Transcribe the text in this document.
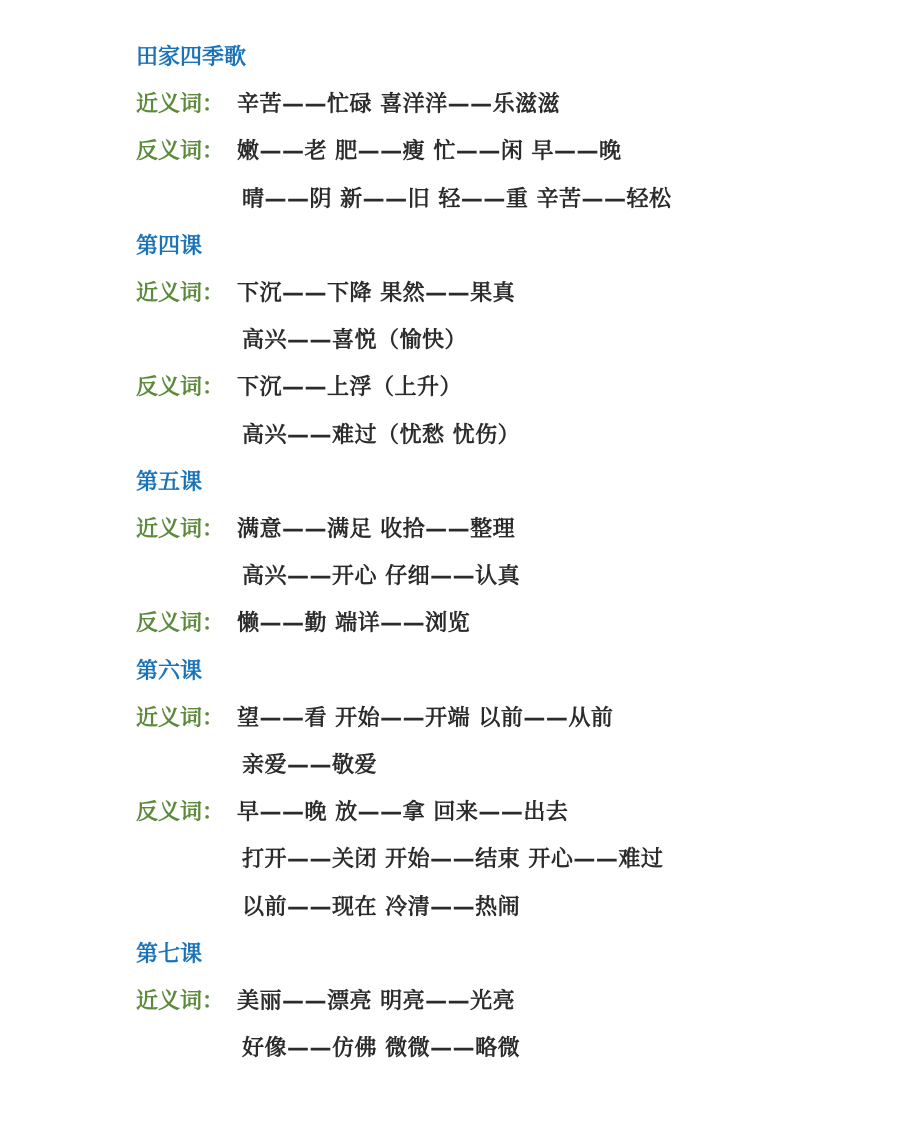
田家四季歌
近义词： 辛苦——忙碌 喜洋洋——乐滋滋
反义词： 嫩——老 肥——瘦 忙——闲 早——晚
晴——阴 新——旧 轻——重 辛苦——轻松
第四课
近义词： 下沉——下降 果然——果真
高兴——喜悦（愉快）
反义词： 下沉——上浮（上升）
高兴——难过（忧愁 忧伤）
第五课
近义词： 满意——满足 收拾——整理
高兴——开心 仔细——认真
反义词： 懒——勤 端详——浏览
第六课
近义词： 望——看 开始——开端 以前——从前
亲爱——敬爱
反义词： 早——晚 放——拿 回来——出去
打开——关闭 开始——结束 开心——难过
以前——现在 冷清——热闹
第七课
近义词： 美丽——漂亮 明亮——光亮
好像——仿佛 微微——略微
